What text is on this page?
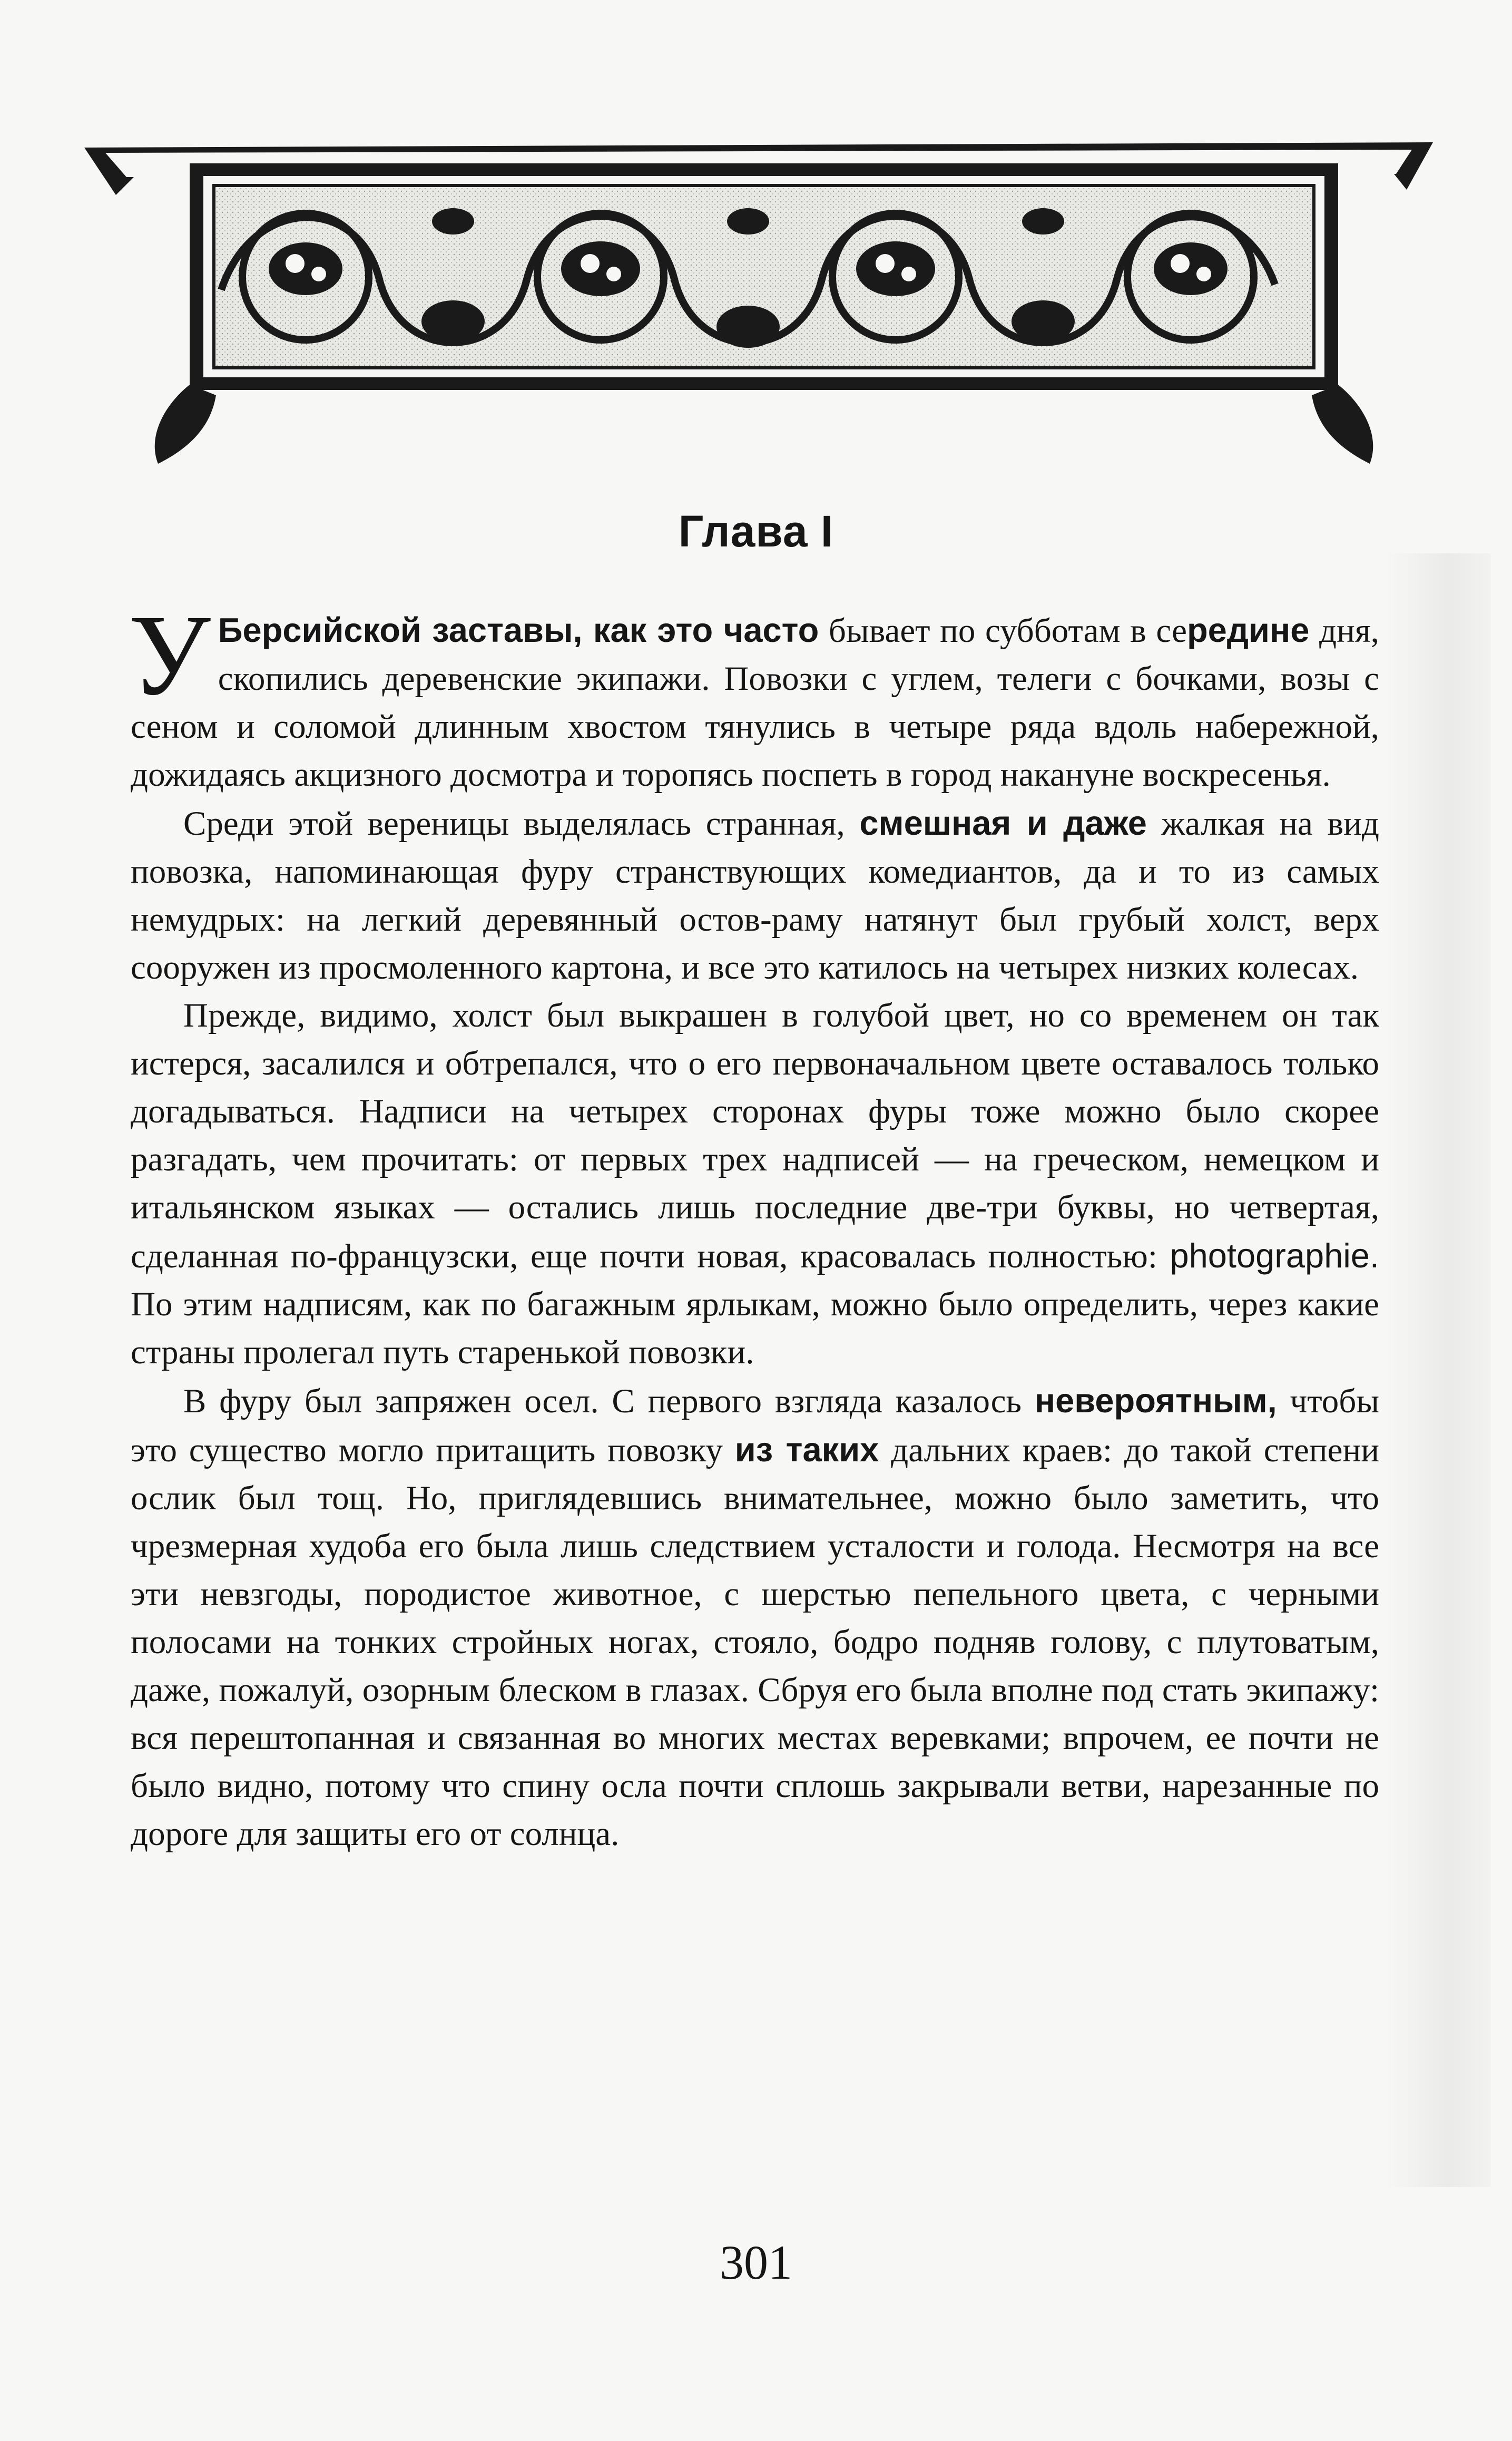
Глава I

У Берсийской заставы, как это часто бывает по субботам в середине дня, скопились деревенские экипажи. Повозки с углем, телеги с бочками, возы с сеном и соломой длинным хвостом тянулись в четыре ряда вдоль набережной, дожидаясь акцизного досмотра и торопясь поспеть в город накануне воскресенья.

Среди этой вереницы выделялась странная, смешная и даже жалкая на вид повозка, напоминающая фуру странствующих комедиантов, да и то из самых немудрых: на легкий деревянный остов-раму натянут был грубый холст, верх сооружен из просмоленного картона, и все это катилось на четырех низких колесах.

Прежде, видимо, холст был выкрашен в голубой цвет, но со временем он так истерся, засалился и обтрепался, что о его первоначальном цвете оставалось только догадываться. Надписи на четырех сторонах фуры тоже можно было скорее разгадать, чем прочитать: от первых трех надписей — на греческом, немецком и итальянском языках — остались лишь последние две-три буквы, но четвертая, сделанная по-французски, еще почти новая, красовалась полностью: photographie. По этим надписям, как по багажным ярлыкам, можно было определить, через какие страны пролегал путь старенькой повозки.

В фуру был запряжен осел. С первого взгляда казалось невероятным, чтобы это существо могло притащить повозку из таких дальних краев: до такой степени ослик был тощ. Но, приглядевшись внимательнее, можно было заметить, что чрезмерная худоба его была лишь следствием усталости и голода. Несмотря на все эти невзгоды, породистое животное, с шерстью пепельного цвета, с черными полосами на тонких стройных ногах, стояло, бодро подняв голову, с плутоватым, даже, пожалуй, озорным блеском в глазах. Сбруя его была вполне под стать экипажу: вся перештопанная и связанная во многих местах веревками; впрочем, ее почти не было видно, потому что спину осла почти сплошь закрывали ветви, нарезанные по дороге для защиты его от солнца.

301
